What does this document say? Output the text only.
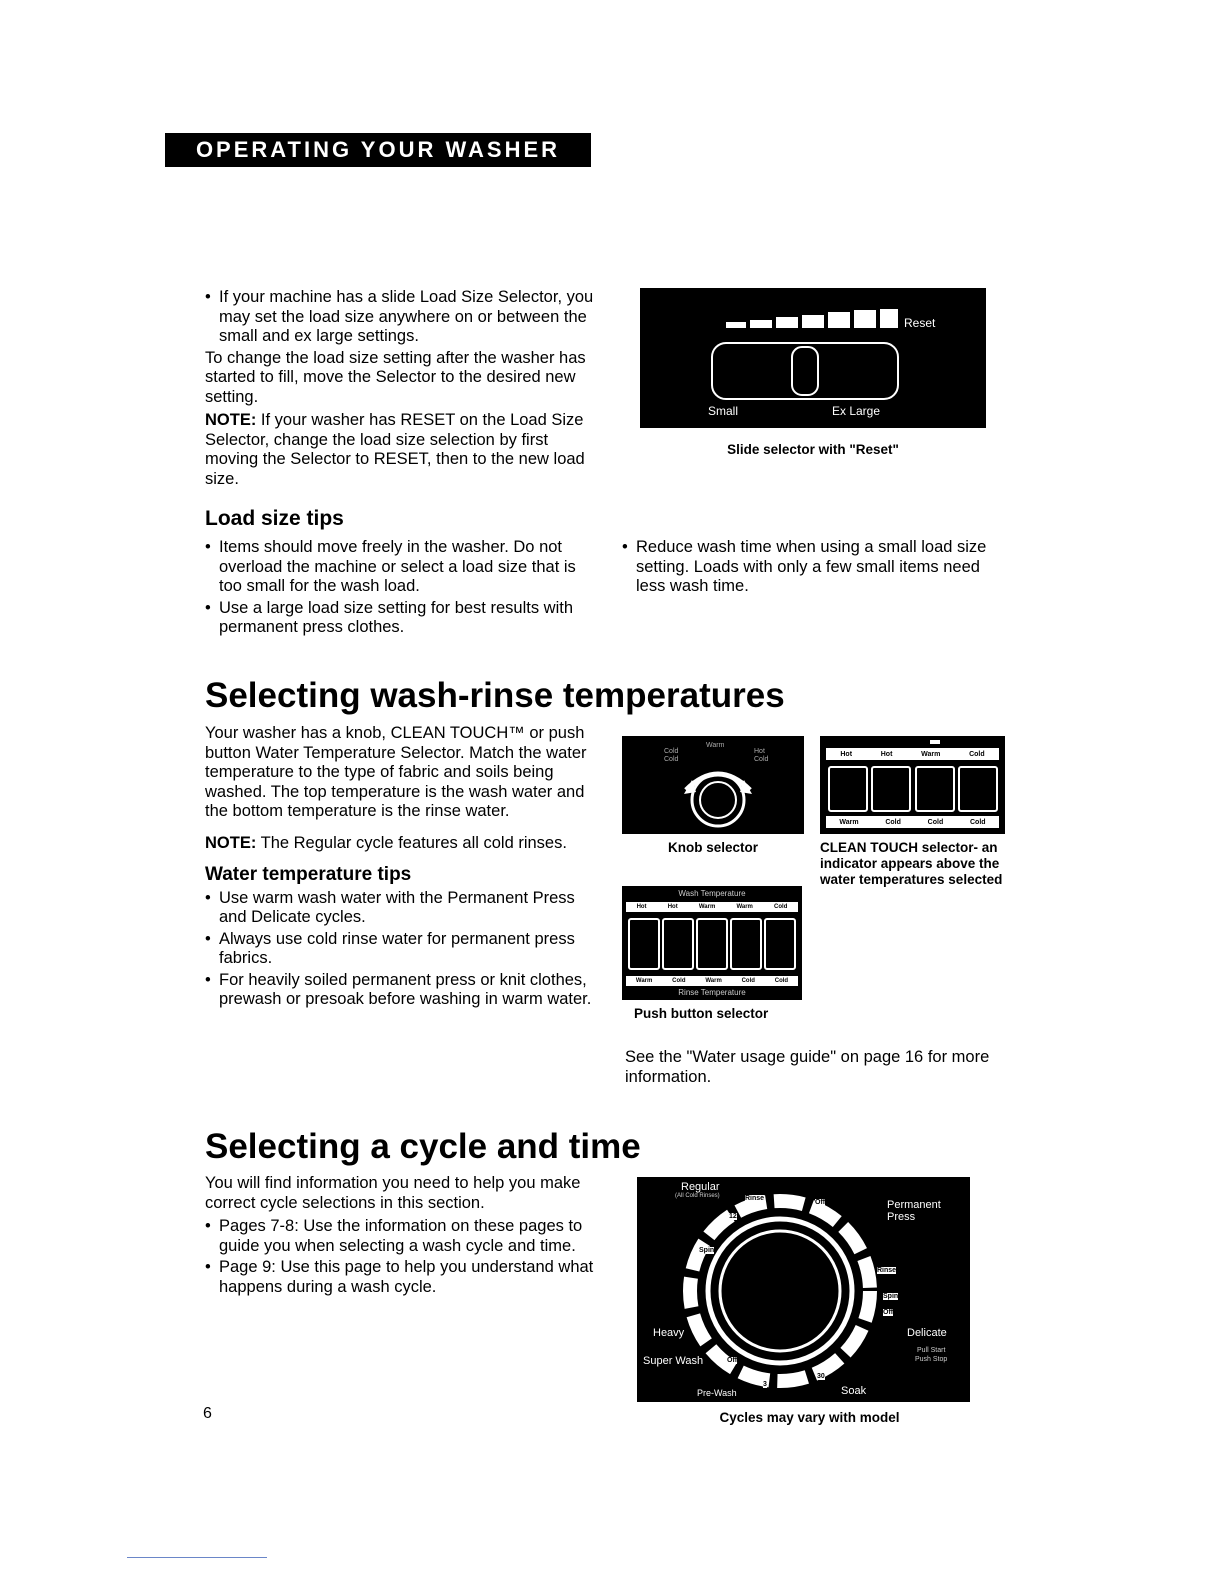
OPERATING YOUR WASHER
• If your machine has a slide Load Size Selector, you may set the load size anywhere on or between the small and ex large settings.

To change the load size setting after the washer has started to fill, move the Selector to the desired new setting.

NOTE: If your washer has RESET on the Load Size Selector, change the load size selection by first moving the Selector to RESET, then to the new load size.

Reset
Small	Ex Large
Slide selector with "Reset"
Load size tips
• Items should move freely in the washer. Do not overload the machine or select a load size that is too small for the wash load.
• Use a large load size setting for best results with permanent press clothes.
• Reduce wash time when using a small load size setting. Loads with only a few small items need less wash time.
Selecting wash-rinse temperatures

Your washer has a knob, CLEAN TOUCH™ or push button Water Temperature Selector. Match the water temperature to the type of fabric and soils being washed. The top temperature is the wash water and the bottom temperature is the rinse water.

NOTE: The Regular cycle features all cold rinses.

Water temperature tips
• Use warm wash water with the Permanent Press and Delicate cycles.
• Always use cold rinse water for permanent press fabrics.
• For heavily soiled permanent press or knit clothes, prewash or presoak before washing in warm water.
Cold
Warm
Hot
Cold	Cold
Knob selector
Hot	Hot	Warm	Cold
Warm	Cold	Cold	Cold
CLEAN TOUCH selector- an indicator appears above the water temperatures selected
Wash Temperature
Hot	Hot	Warm	Warm	Cold
Warm	Cold	Warm	Cold	Cold
Rinse Temperature
Push button selector
See the "Water usage guide" on page 16 for more information.
Selecting a cycle and time

You will find information you need to help you make correct cycle selections in this section.

• Pages 7-8: Use the information on these pages to guide you when selecting a wash cycle and time.
• Page 9: Use this page to help you understand what happens during a wash cycle.
Regular
(All Cold Rinses)
Permanent Press
Heavy
Super Wash
Delicate
Pull Start
Push Stop
Pre-Wash	Soak
Rinse
Off
12
Spin
Rinse
Spin
Off
Off
30
3
Cycles may vary with model
6
